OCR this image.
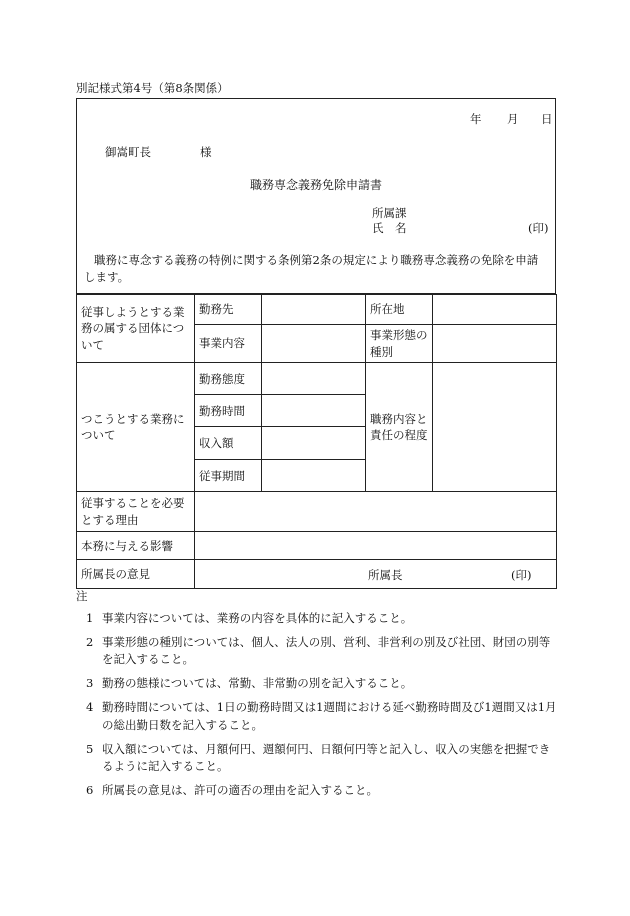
別記様式第4号（第8条関係）
年 月 日
御嵩町長	様
職務専念義務免除申請書
所属課
氏　名	(印)
職務に専念する義務の特例に関する条例第2条の規定により職務専念義務の免除を申請します。
従事しようとする業務の属する団体について	勤務先		所在地	
	事業内容		事業形態の種別	
つこうとする業務について	勤務態度		職務内容と責任の程度	
	勤務時間			
	収入額			
	従事期間			
従事することを必要とする理由				
本務に与える影響				
所属長の意見	所属長 (印)			
注
1 事業内容については、業務の内容を具体的に記入すること。
2 事業形態の種別については、個人、法人の別、営利、非営利の別及び社団、財団の別等を記入すること。
3 勤務の態様については、常勤、非常勤の別を記入すること。
4 勤務時間については、1日の勤務時間又は1週間における延べ勤務時間及び1週間又は1月の総出勤日数を記入すること。
5 収入額については、月額何円、週額何円、日額何円等と記入し、収入の実態を把握できるように記入すること。
6 所属長の意見は、許可の適否の理由を記入すること。
